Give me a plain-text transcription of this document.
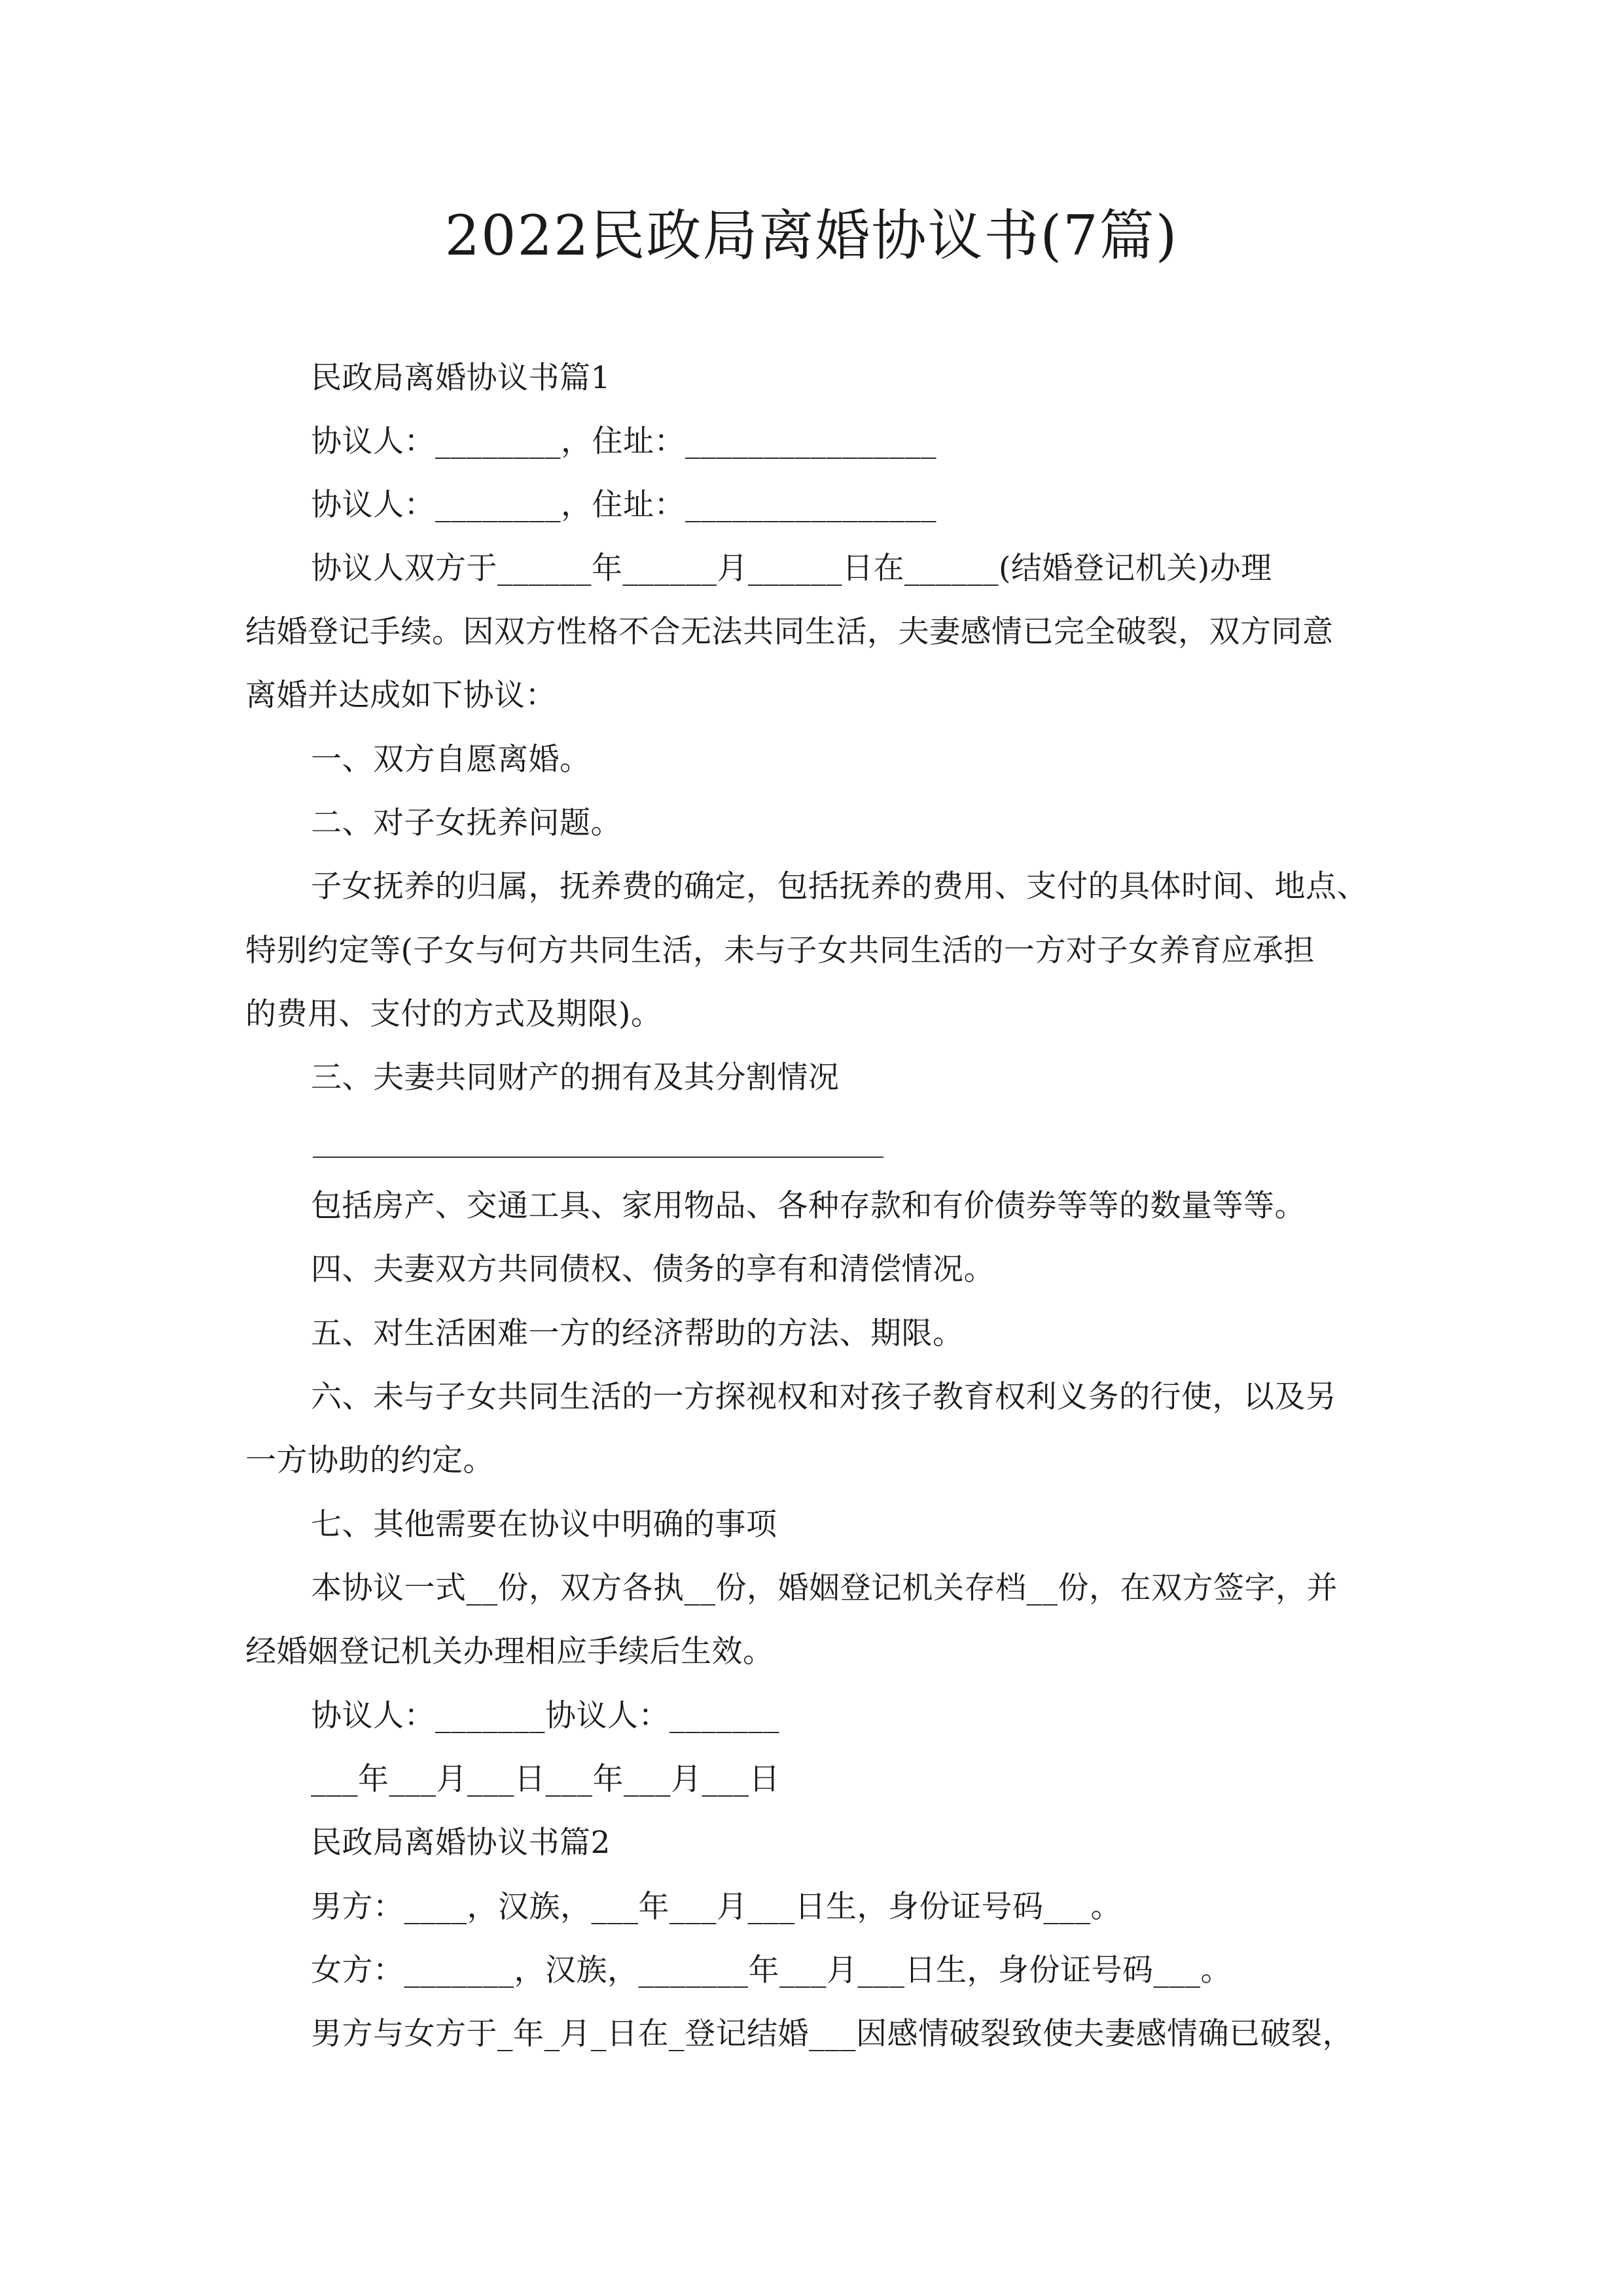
2022民政局离婚协议书(7篇)
民政局离婚协议书篇1
协议人：________，住址：________________
协议人：________，住址：________________
协议人双方于______年______月______日在______(结婚登记机关)办理
结婚登记手续。因双方性格不合无法共同生活，夫妻感情已完全破裂，双方同意
离婚并达成如下协议：
一、双方自愿离婚。
二、对子女抚养问题。
子女抚养的归属，抚养费的确定，包括抚养的费用、支付的具体时间、地点、
特别约定等(子女与何方共同生活，未与子女共同生活的一方对子女养育应承担
的费用、支付的方式及期限)。
三、夫妻共同财产的拥有及其分割情况
包括房产、交通工具、家用物品、各种存款和有价债券等等的数量等等。
四、夫妻双方共同债权、债务的享有和清偿情况。
五、对生活困难一方的经济帮助的方法、期限。
六、未与子女共同生活的一方探视权和对孩子教育权利义务的行使，以及另
一方协助的约定。
七、其他需要在协议中明确的事项
本协议一式__份，双方各执__份，婚姻登记机关存档__份，在双方签字，并
经婚姻登记机关办理相应手续后生效。
协议人：_______协议人：_______
___年___月___日___年___月___日
民政局离婚协议书篇2
男方：____，汉族，___年___月___日生，身份证号码___。
女方：_______，汉族，_______年___月___日生，身份证号码___。
男方与女方于_年_月_日在_登记结婚___因感情破裂致使夫妻感情确已破裂，
